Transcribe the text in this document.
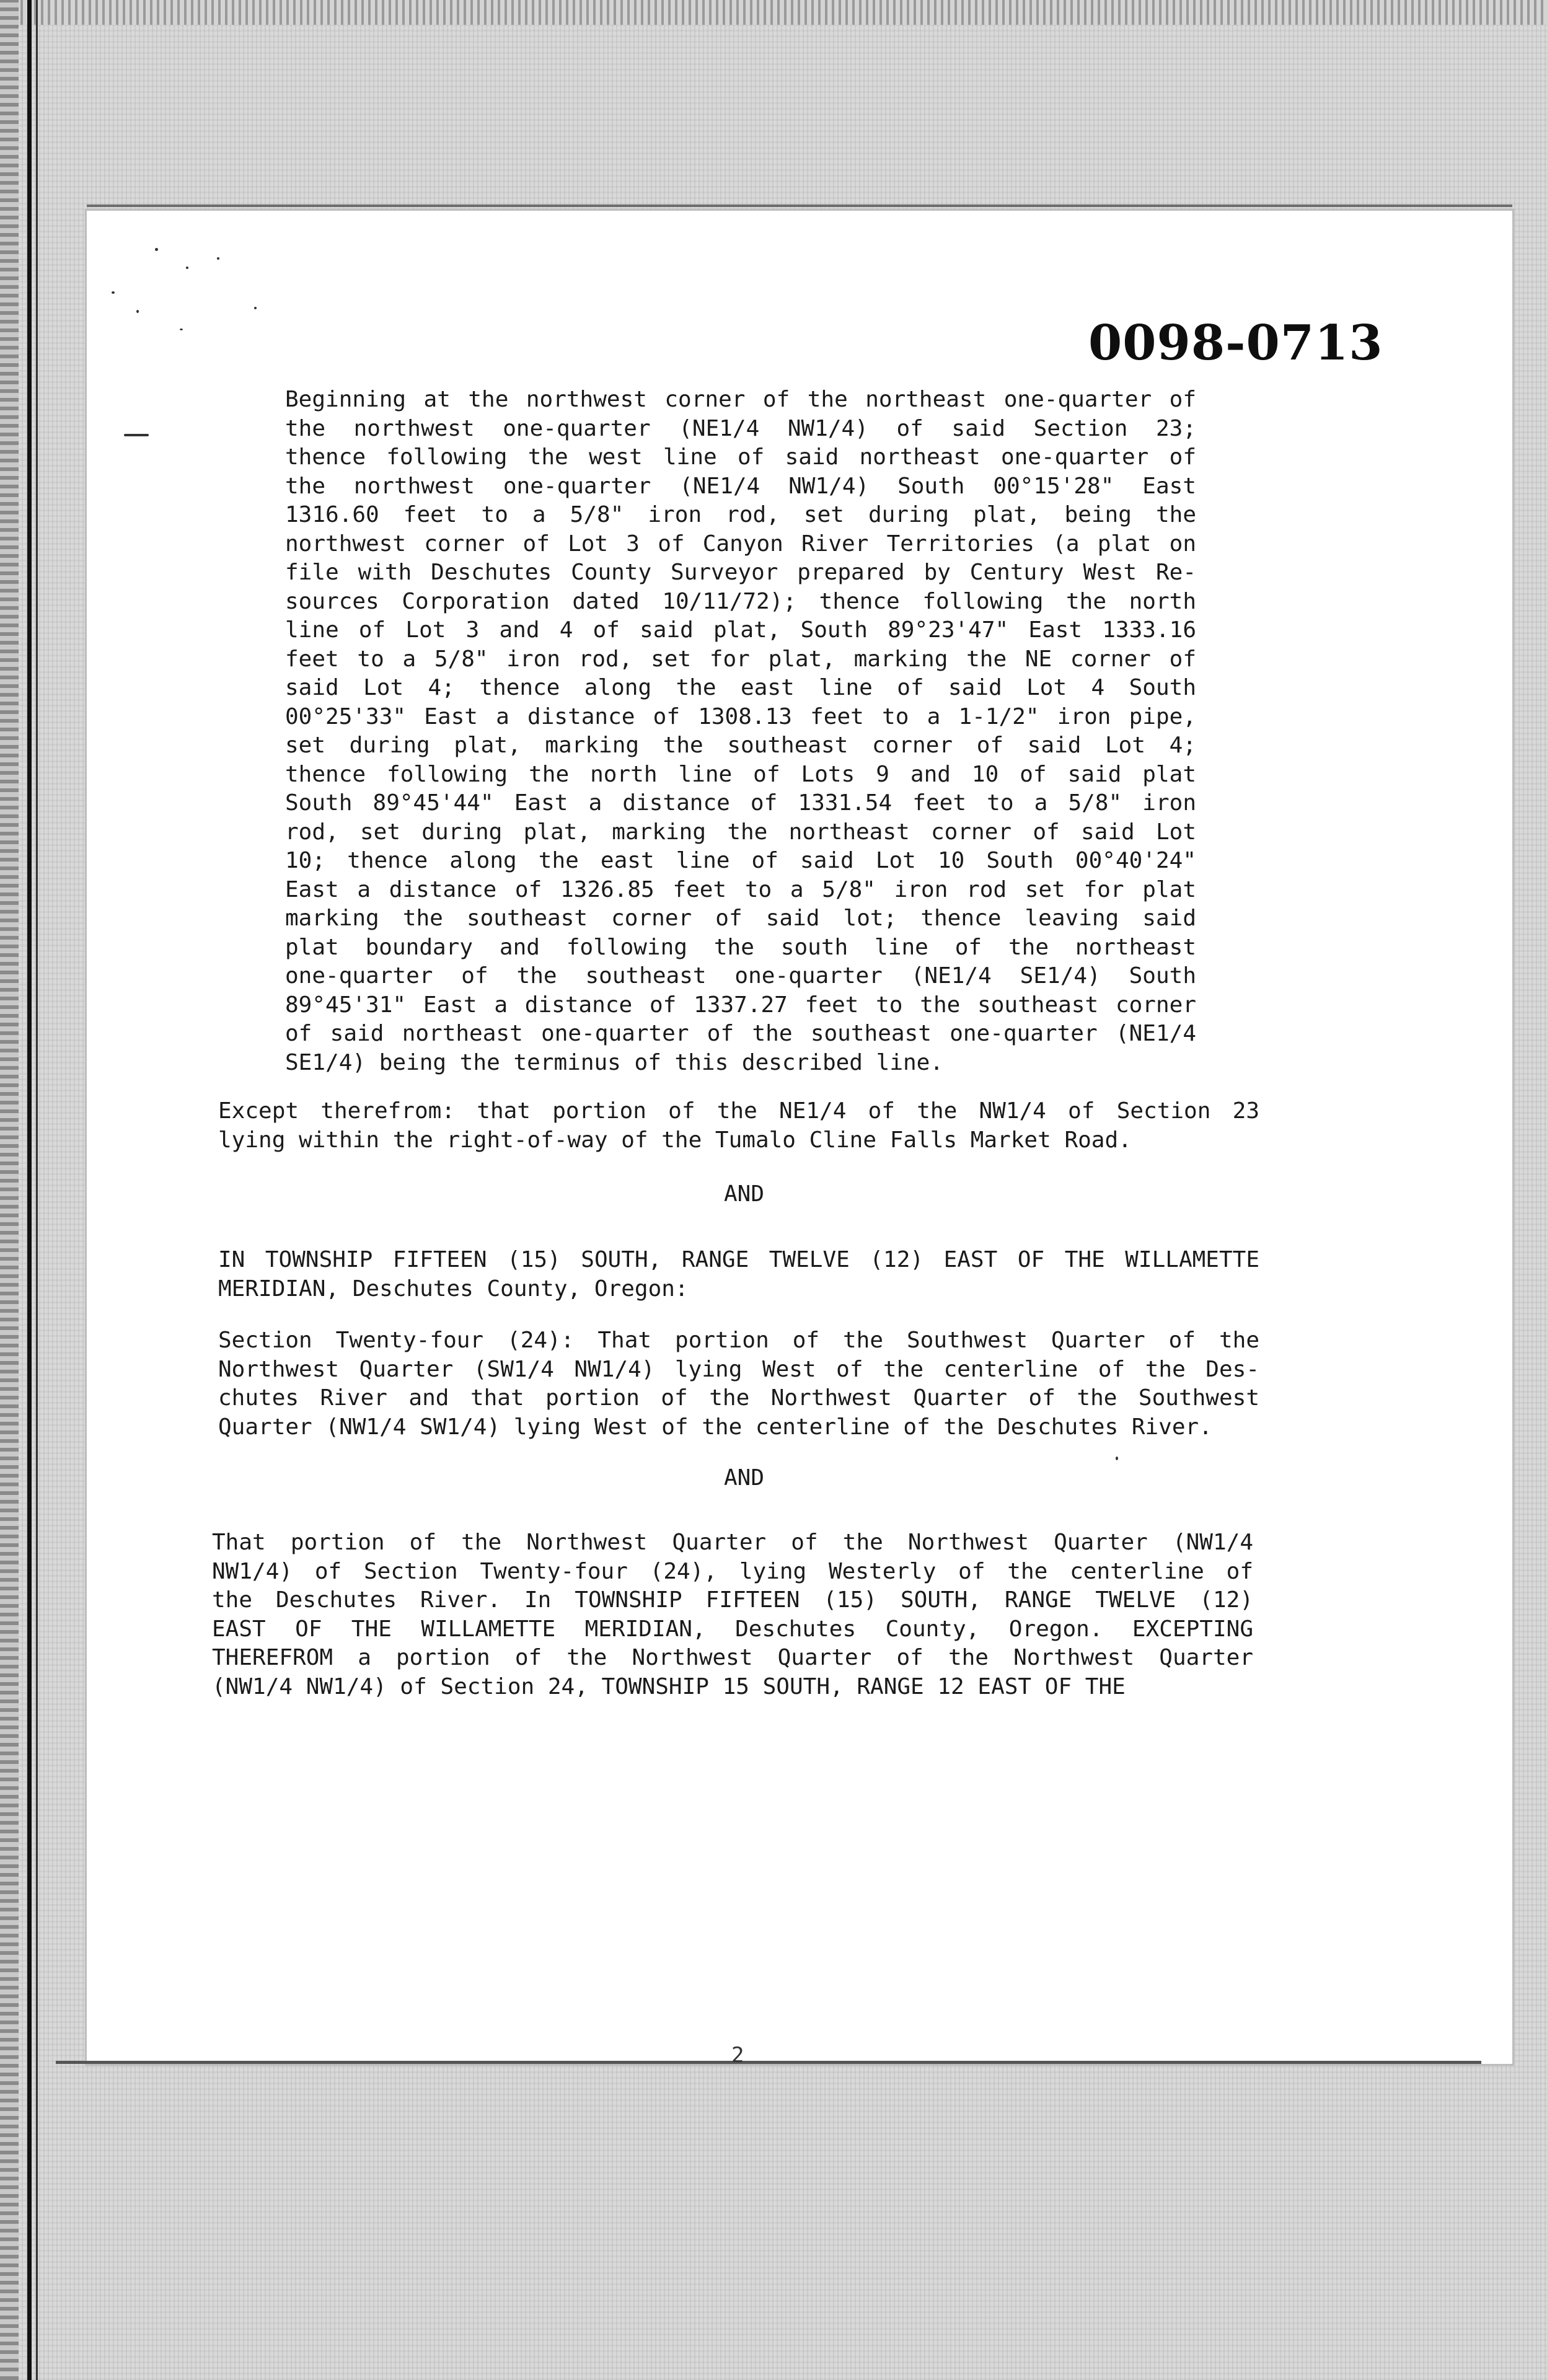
0098-0713
Beginning at the northwest corner of the northeast one-quarter of
the northwest one-quarter (NE1/4 NW1/4) of said Section 23;
thence following the west line of said northeast one-quarter of
the northwest one-quarter (NE1/4 NW1/4) South 00°15'28" East
1316.60 feet to a 5/8" iron rod, set during plat, being the
northwest corner of Lot 3 of Canyon River Territories (a plat on
file with Deschutes County Surveyor prepared by Century West Re-
sources Corporation dated 10/11/72); thence following the north
line of Lot 3 and 4 of said plat, South 89°23'47" East 1333.16
feet to a 5/8" iron rod, set for plat, marking the NE corner of
said Lot 4; thence along the east line of said Lot 4 South
00°25'33" East a distance of 1308.13 feet to a 1-1/2" iron pipe,
set during plat, marking the southeast corner of said Lot 4;
thence following the north line of Lots 9 and 10 of said plat
South 89°45'44" East a distance of 1331.54 feet to a 5/8" iron
rod, set during plat, marking the northeast corner of said Lot
10; thence along the east line of said Lot 10 South 00°40'24"
East a distance of 1326.85 feet to a 5/8" iron rod set for plat
marking the southeast corner of said lot; thence leaving said
plat boundary and following the south line of the northeast
one-quarter of the southeast one-quarter (NE1/4 SE1/4) South
89°45'31" East a distance of 1337.27 feet to the southeast corner
of said northeast one-quarter of the southeast one-quarter (NE1/4
SE1/4) being the terminus of this described line.
Except therefrom: that portion of the NE1/4 of the NW1/4 of Section 23
lying within the right-of-way of the Tumalo Cline Falls Market Road.
AND
IN TOWNSHIP FIFTEEN (15) SOUTH, RANGE TWELVE (12) EAST OF THE WILLAMETTE
MERIDIAN, Deschutes County, Oregon:
Section Twenty-four (24): That portion of the Southwest Quarter of the
Northwest Quarter (SW1/4 NW1/4) lying West of the centerline of the Des-
chutes River and that portion of the Northwest Quarter of the Southwest
Quarter (NW1/4 SW1/4) lying West of the centerline of the Deschutes River.
AND
That portion of the Northwest Quarter of the Northwest Quarter (NW1/4
NW1/4) of Section Twenty-four (24), lying Westerly of the centerline of
the Deschutes River. In TOWNSHIP FIFTEEN (15) SOUTH, RANGE TWELVE (12)
EAST OF THE WILLAMETTE MERIDIAN, Deschutes County, Oregon. EXCEPTING
THEREFROM a portion of the Northwest Quarter of the Northwest Quarter
(NW1/4 NW1/4) of Section 24, TOWNSHIP 15 SOUTH, RANGE 12 EAST OF THE
2
